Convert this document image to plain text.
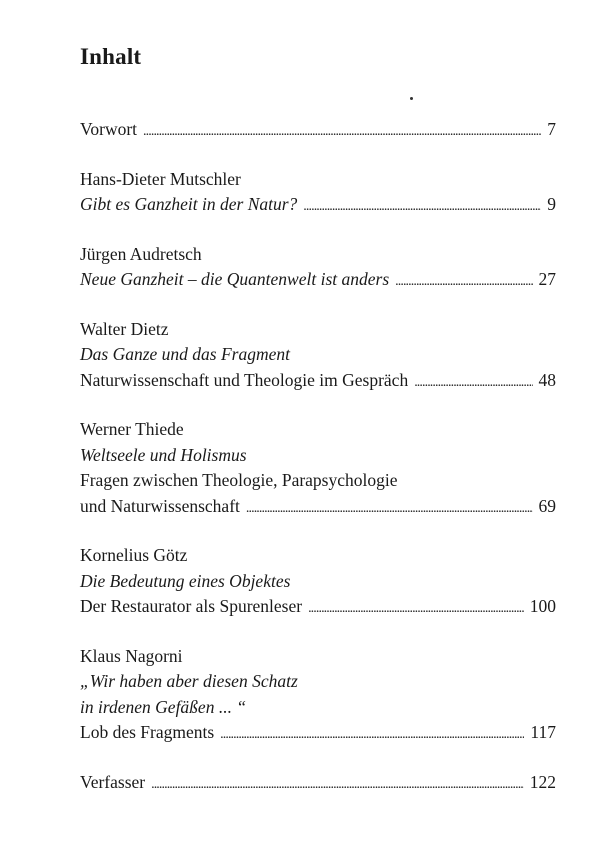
Inhalt
Vorwort . . .	7
Hans-Dieter Mutschler
Gibt es Ganzheit in der Natur? . . .	9
Jürgen Audretsch
Neue Ganzheit – die Quantenwelt ist anders . . .	27
Walter Dietz
Das Ganze und das Fragment
Naturwissenschaft und Theologie im Gespräch . . .	48
Werner Thiede
Weltseele und Holismus
Fragen zwischen Theologie, Parapsychologie
und Naturwissenschaft . . .	69
Kornelius Götz
Die Bedeutung eines Objektes
Der Restaurator als Spurenleser . . .	100
Klaus Nagorni
„Wir haben aber diesen Schatz
in irdenen Gefäßen ... “
Lob des Fragments . . .	117
Verfasser . . .	122
